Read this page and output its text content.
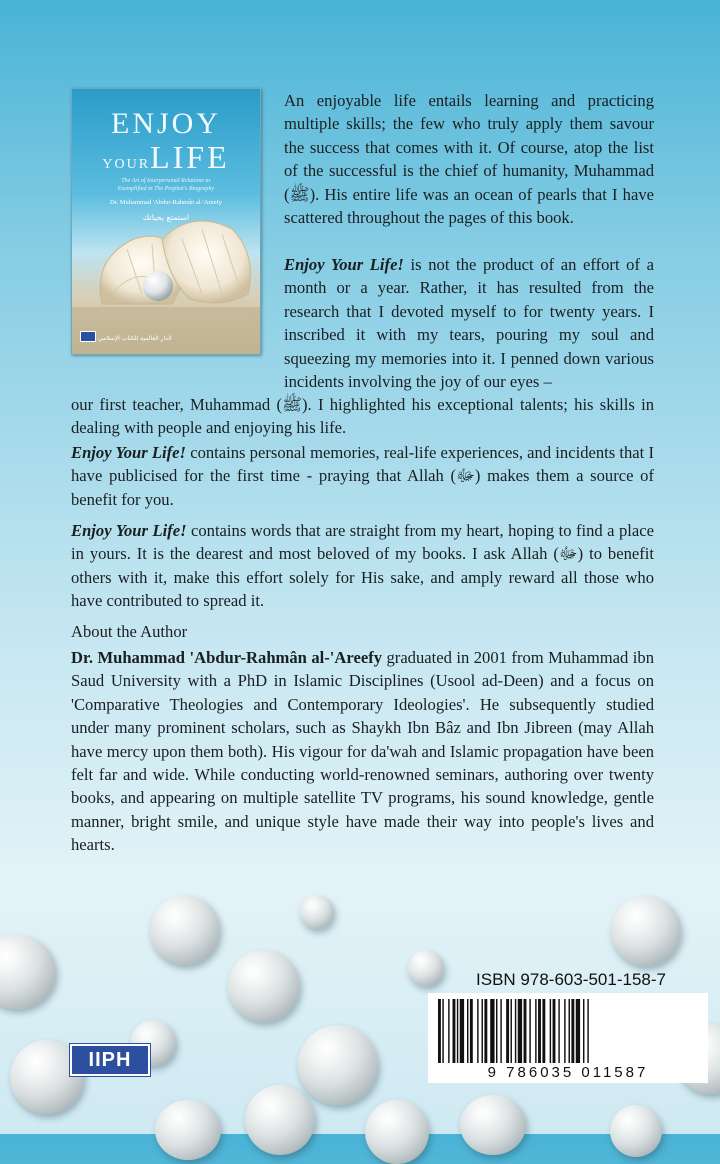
ENJOY
YOURLIFE
The Art of Interpersonal Relations as
Exemplified in The Prophet's Biography
Dr. Muhammad 'Abdur-Rahmân al-'Areefy
استمتع بحياتك
الدار العالمية للكتاب الإسلامي

An enjoyable life entails learning and practicing multiple skills; the few who truly apply them savour the success that comes with it. Of course, atop the list of the successful is the chief of humanity, Muhammad (ﷺ). His entire life was an ocean of pearls that I have scattered throughout the pages of this book.

Enjoy Your Life! is not the product of an effort of a month or a year. Rather, it has resulted from the research that I devoted myself to for twenty years. I inscribed it with my tears, pouring my soul and squeezing my memories into it. I penned down various incidents involving the joy of our eyes –

our first teacher, Muhammad (ﷺ). I highlighted his exceptional talents; his skills in dealing with people and enjoying his life.

Enjoy Your Life! contains personal memories, real-life experiences, and incidents that I have publicised for the first time - praying that Allah (ﷻ) makes them a source of benefit for you.

Enjoy Your Life! contains words that are straight from my heart, hoping to find a place in yours. It is the dearest and most beloved of my books. I ask Allah (ﷻ) to benefit others with it, make this effort solely for His sake, and amply reward all those who have contributed to spread it.

About the Author

Dr. Muhammad 'Abdur-Rahmân al-'Areefy graduated in 2001 from Muhammad ibn Saud University with a PhD in Islamic Disciplines (Usool ad-Deen) and a focus on 'Comparative Theologies and Contemporary Ideologies'. He subsequently studied under many prominent scholars, such as Shaykh Ibn Bâz and Ibn Jibreen (may Allah have mercy upon them both). His vigour for da'wah and Islamic propagation have been felt far and wide. While conducting world-renowned seminars, authoring over twenty books, and appearing on multiple satellite TV programs, his sound knowledge, gentle manner, bright smile, and unique style have made their way into people's lives and hearts.

ISBN 978-603-501-158-7
9 786035 011587
IIPH
